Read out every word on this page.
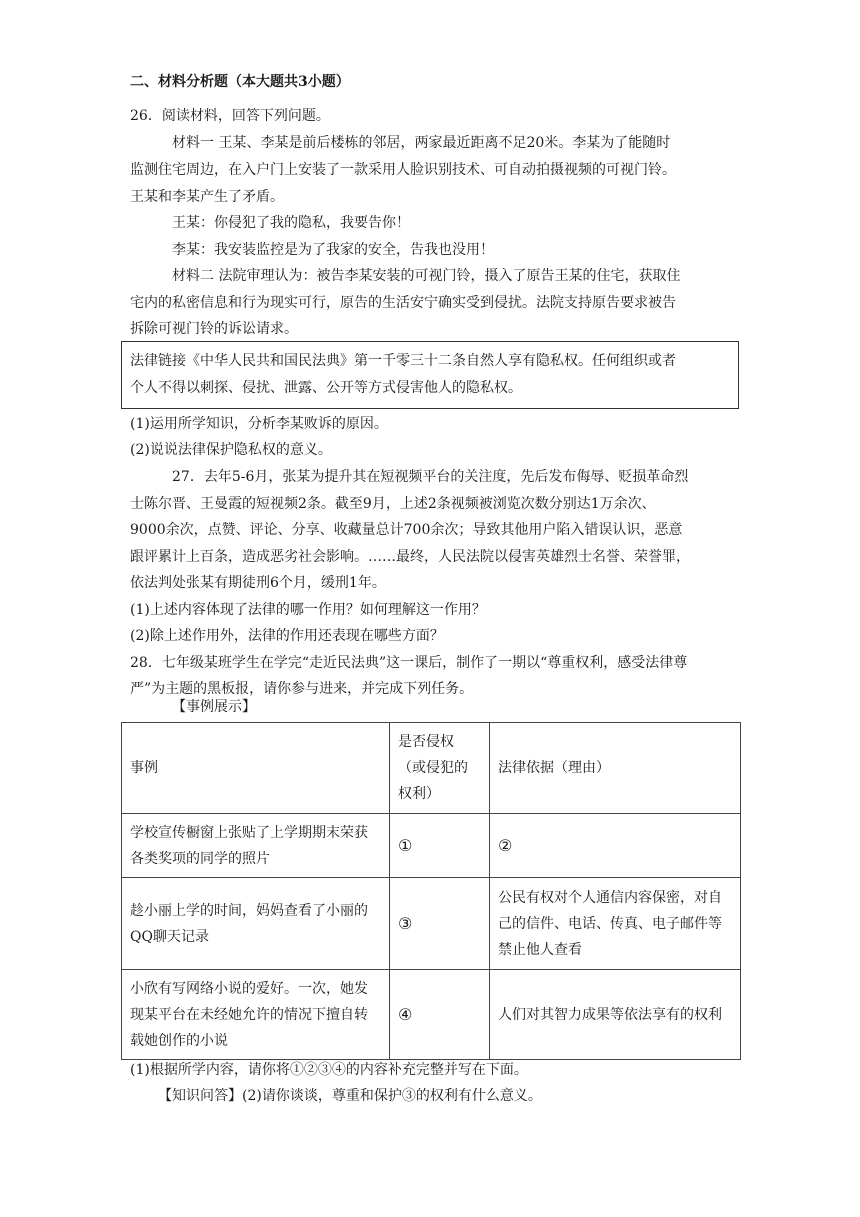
二、材料分析题（本大题共3小题）
26．阅读材料，回答下列问题。
材料一 王某、李某是前后楼栋的邻居，两家最近距离不足20米。李某为了能随时
监测住宅周边，在入户门上安装了一款采用人脸识别技术、可自动拍摄视频的可视门铃。
王某和李某产生了矛盾。
王某：你侵犯了我的隐私，我要告你！
李某：我安装监控是为了我家的安全，告我也没用！
材料二 法院审理认为：被告李某安装的可视门铃，摄入了原告王某的住宅，获取住
宅内的私密信息和行为现实可行，原告的生活安宁确实受到侵扰。法院支持原告要求被告
拆除可视门铃的诉讼请求。
法律链接《中华人民共和国民法典》第一千零三十二条自然人享有隐私权。任何组织或者
个人不得以刺探、侵扰、泄露、公开等方式侵害他人的隐私权。
(1)运用所学知识，分析李某败诉的原因。
(2)说说法律保护隐私权的意义。
27．去年5-6月，张某为提升其在短视频平台的关注度，先后发布侮辱、贬损革命烈
士陈尔晋、王曼霞的短视频2条。截至9月，上述2条视频被浏览次数分别达1万余次、
9000余次，点赞、评论、分享、收藏量总计700余次；导致其他用户陷入错误认识，恶意
跟评累计上百条，造成恶劣社会影响。……最终，人民法院以侵害英雄烈士名誉、荣誉罪，
依法判处张某有期徒刑6个月，缓刑1年。
(1)上述内容体现了法律的哪一作用？如何理解这一作用？
(2)除上述作用外，法律的作用还表现在哪些方面？
28．七年级某班学生在学完“走近民法典”这一课后，制作了一期以“尊重权利，感受法律尊
严”为主题的黑板报，请你参与进来，并完成下列任务。
【事例展示】
事例	是否侵权（或侵犯的权利）	法律依据（理由）
学校宣传橱窗上张贴了上学期期末荣获各类奖项的同学的照片	①	②
趁小丽上学的时间，妈妈查看了小丽的QQ聊天记录	③	公民有权对个人通信内容保密，对自己的信件、电话、传真、电子邮件等禁止他人查看
小欣有写网络小说的爱好。一次，她发现某平台在未经她允许的情况下擅自转载她创作的小说	④	人们对其智力成果等依法享有的权利
(1)根据所学内容，请你将①②③④的内容补充完整并写在下面。
【知识问答】(2)请你谈谈，尊重和保护③的权利有什么意义。
